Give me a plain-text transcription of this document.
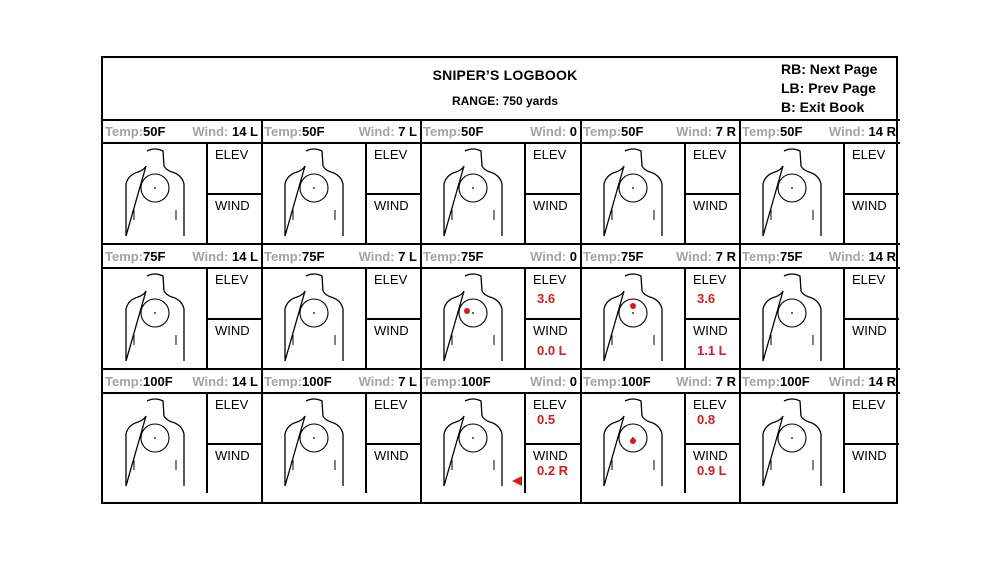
SNIPER’S LOGBOOK
RANGE: 750 yards
RB: Next Page
LB: Prev Page
B: Exit Book
Temp:50F Wind: 14 L
ELEV
WIND
Temp:50F	Wind: 7 L
ELEV
WIND
Temp:50F	Wind: 0
ELEV
WIND
Temp:50F	Wind: 7 R
ELEV
WIND
Temp:50F Wind: 14 R
ELEV
WIND
Temp:75F Wind: 14 L
ELEV
WIND
Temp:75F	Wind: 7 L
ELEV
WIND
Temp:75F	Wind: 0
ELEV
WIND
3.6
0.0 L
Temp:75F	Wind: 7 R
ELEV
WIND
3.6
1.1 L
Temp:75F Wind: 14 R
ELEV
WIND
Temp:100F Wind: 14 L
ELEV
WIND
Temp:100F Wind: 7 L
ELEV
WIND
Temp:100F	Wind: 0
ELEV
WIND
0.5
0.2 R
Temp:100F Wind: 7 R
ELEV
WIND
0.8
0.9 L
Temp:100F Wind: 14 R
ELEV
WIND
